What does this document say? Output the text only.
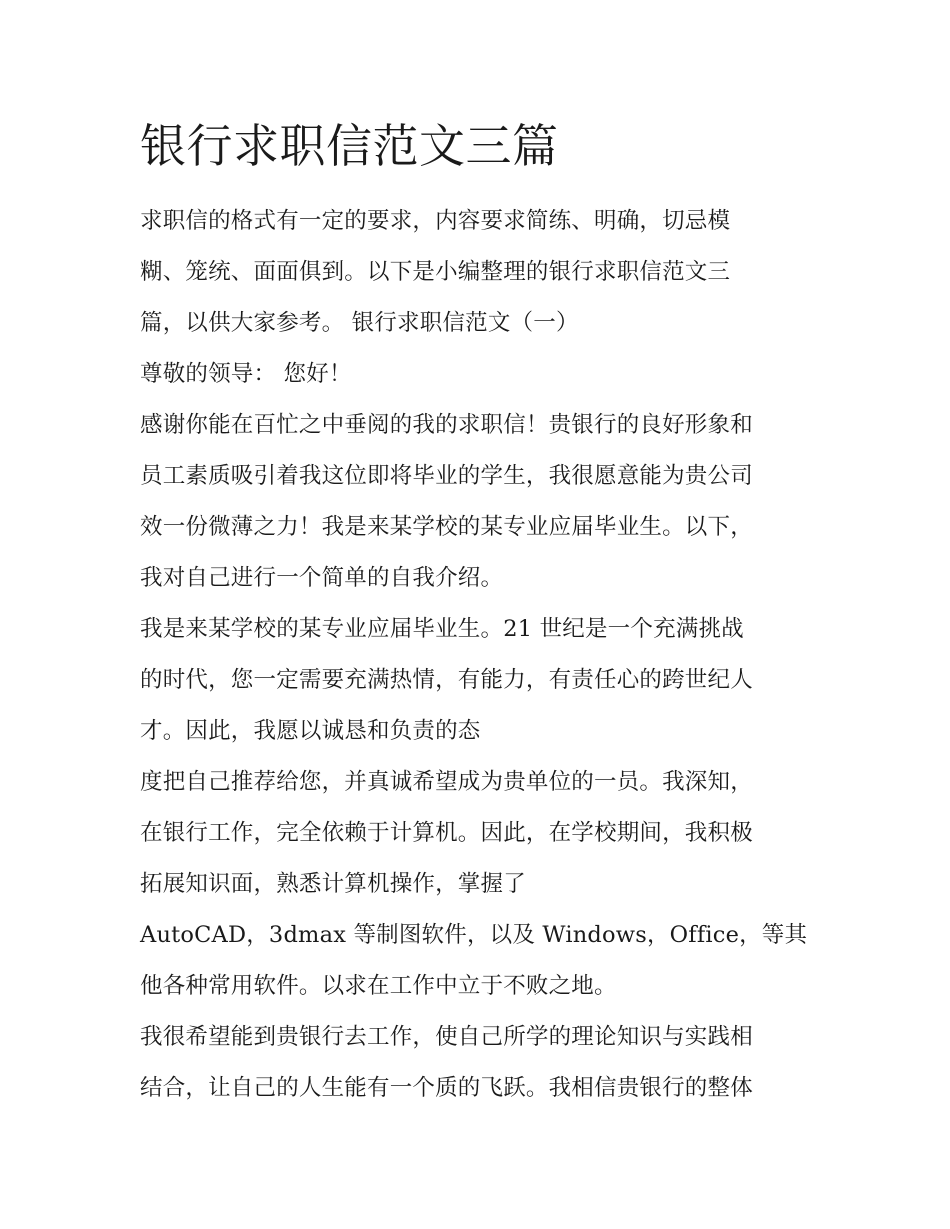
银行求职信范文三篇
求职信的格式有一定的要求，内容要求简练、明确，切忌模
糊、笼统、面面俱到。以下是小编整理的银行求职信范文三
篇，以供大家参考。 银行求职信范文（一）
尊敬的领导： 您好！
感谢你能在百忙之中垂阅的我的求职信！贵银行的良好形象和
员工素质吸引着我这位即将毕业的学生，我很愿意能为贵公司
效一份微薄之力！我是来某学校的某专业应届毕业生。以下，
我对自己进行一个简单的自我介绍。
我是来某学校的某专业应届毕业生。21 世纪是一个充满挑战
的时代，您一定需要充满热情，有能力，有责任心的跨世纪人
才。因此，我愿以诚恳和负责的态
度把自己推荐给您，并真诚希望成为贵单位的一员。我深知，
在银行工作，完全依赖于计算机。因此，在学校期间，我积极
拓展知识面，熟悉计算机操作，掌握了
AutoCAD，3dmax 等制图软件，以及 Windows，Office，等其
他各种常用软件。以求在工作中立于不败之地。
我很希望能到贵银行去工作，使自己所学的理论知识与实践相
结合，让自己的人生能有一个质的飞跃。我相信贵银行的整体
